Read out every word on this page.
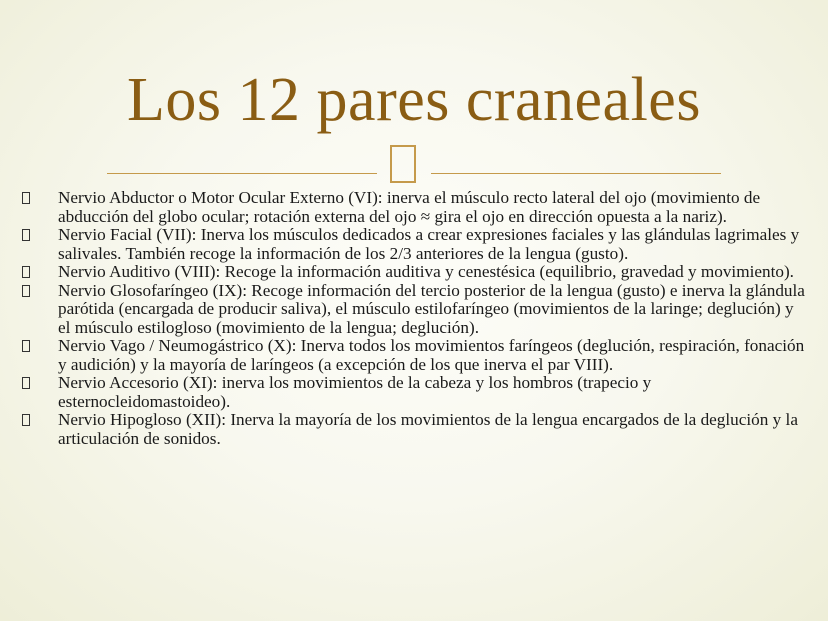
Los 12 pares craneales
Nervio Abductor o Motor Ocular Externo (VI): inerva el músculo recto lateral del ojo (movimiento de abducción del globo ocular; rotación externa del ojo ≈ gira el ojo en dirección opuesta a la nariz).
Nervio Facial (VII): Inerva los músculos dedicados a crear expresiones faciales y las glándulas lagrimales y salivales. También recoge la información de los 2/3 anteriores de la lengua (gusto).
Nervio Auditivo (VIII): Recoge la información auditiva y cenestésica (equilibrio, gravedad y movimiento).
Nervio Glosofaríngeo (IX): Recoge información del tercio posterior de la lengua (gusto) e inerva la glándula parótida (encargada de producir saliva), el músculo estilofaríngeo (movimientos de la laringe; deglución) y el músculo estilogloso (movimiento de la lengua; deglución).
Nervio Vago / Neumogástrico (X): Inerva todos los movimientos faríngeos (deglución, respiración, fonación y audición) y la mayoría de laríngeos (a excepción de los que inerva el par VIII).
Nervio Accesorio (XI): inerva los movimientos de la cabeza y los hombros (trapecio y esternocleidomastoideo).
Nervio Hipogloso (XII): Inerva la mayoría de los movimientos de la lengua encargados de la deglución y la articulación de sonidos.
